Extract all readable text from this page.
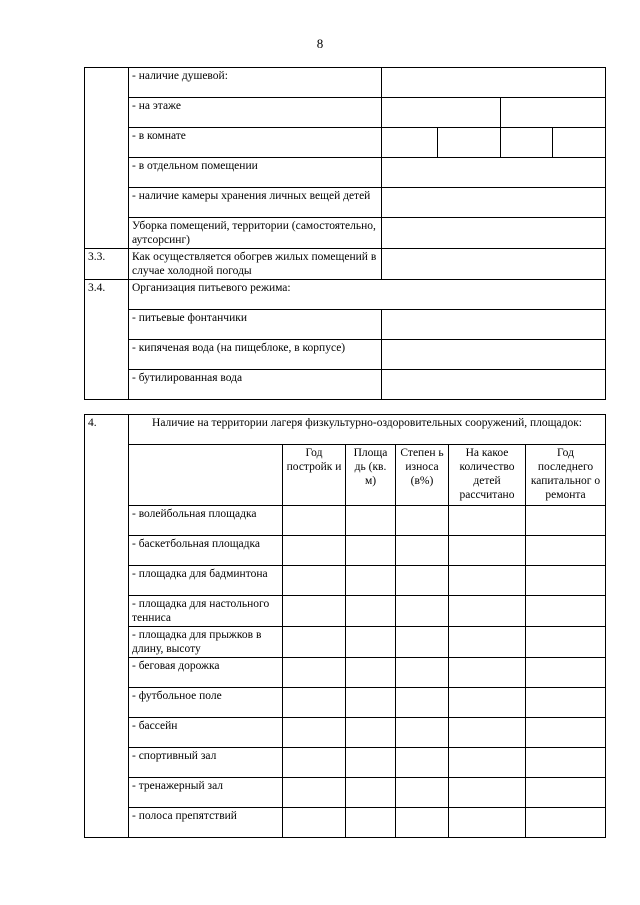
8
	- наличие душевой:				
	- на этаже				
	- в комнате				
	- в отдельном помещении				
	- наличие камеры хранения личных вещей детей				
	Уборка помещений, территории (самостоятельно, аутсорсинг)				
3.3.	Как осуществляется обогрев жилых помещений в случае холодной погоды				
3.4.	Организация питьевого режима:				
	- питьевые фонтанчики				
	- кипяченая вода (на пищеблоке, в корпусе)				
	- бутилированная вода				
4.	Наличие на территории лагеря физкультурно-оздоровительных сооружений, площадок:					
		Год постройк и	Площа дь (кв. м)	Степен ь износа (в%)	На какое количество детей рассчитано	Год последнего капитальног о ремонта
	- волейбольная площадка					
	- баскетбольная площадка					
	- площадка для бадминтона					
	- площадка для настольного тенниса					
	- площадка для прыжков в длину, высоту					
	- беговая дорожка					
	- футбольное поле					
	- бассейн					
	- спортивный зал					
	- тренажерный зал					
	- полоса препятствий					
